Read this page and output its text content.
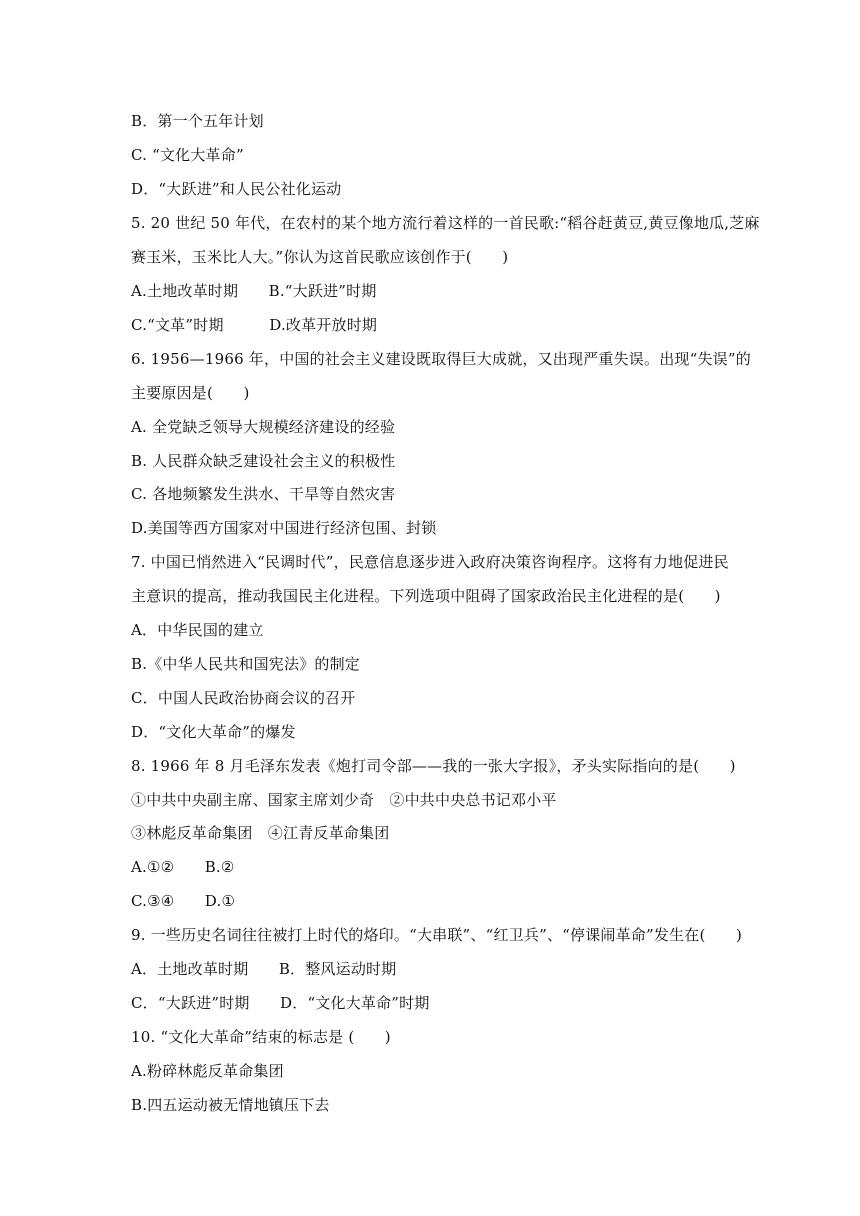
B．第一个五年计划
C. “文化大革命”
D．“大跃进”和人民公社化运动
5. 20 世纪 50 年代，在农村的某个地方流行着这样的一首民歌:“稻谷赶黄豆,黄豆像地瓜,芝麻
赛玉米，玉米比人大。”你认为这首民歌应该创作于(　　)
A.土地改革时期　　B.“大跃进”时期
C.“文革”时期　　　D.改革开放时期
6. 1956—1966 年，中国的社会主义建设既取得巨大成就，又出现严重失误。出现“失误”的
主要原因是(　　)
A. 全党缺乏领导大规模经济建设的经验
B. 人民群众缺乏建设社会主义的积极性
C. 各地频繁发生洪水、干旱等自然灾害
D.美国等西方国家对中国进行经济包围、封锁
7. 中国已悄然进入“民调时代”，民意信息逐步进入政府决策咨询程序。这将有力地促进民
主意识的提高，推动我国民主化进程。下列选项中阻碍了国家政治民主化进程的是(　　)
A．中华民国的建立
B.《中华人民共和国宪法》的制定
C．中国人民政治协商会议的召开
D．“文化大革命”的爆发
8. 1966 年 8 月毛泽东发表《炮打司令部——我的一张大字报》，矛头实际指向的是(　　)
①中共中央副主席、国家主席刘少奇　②中共中央总书记邓小平
③林彪反革命集团　④江青反革命集团
A.①②　　B.②
C.③④　　D.①
9. 一些历史名词往往被打上时代的烙印。“大串联”、“红卫兵”、“停课闹革命”发生在(　　)
A．土地改革时期　　B．整风运动时期
C．“大跃进”时期　　D．“文化大革命”时期
10. “文化大革命”结束的标志是 (　　)
A.粉碎林彪反革命集团
B.四五运动被无情地镇压下去
